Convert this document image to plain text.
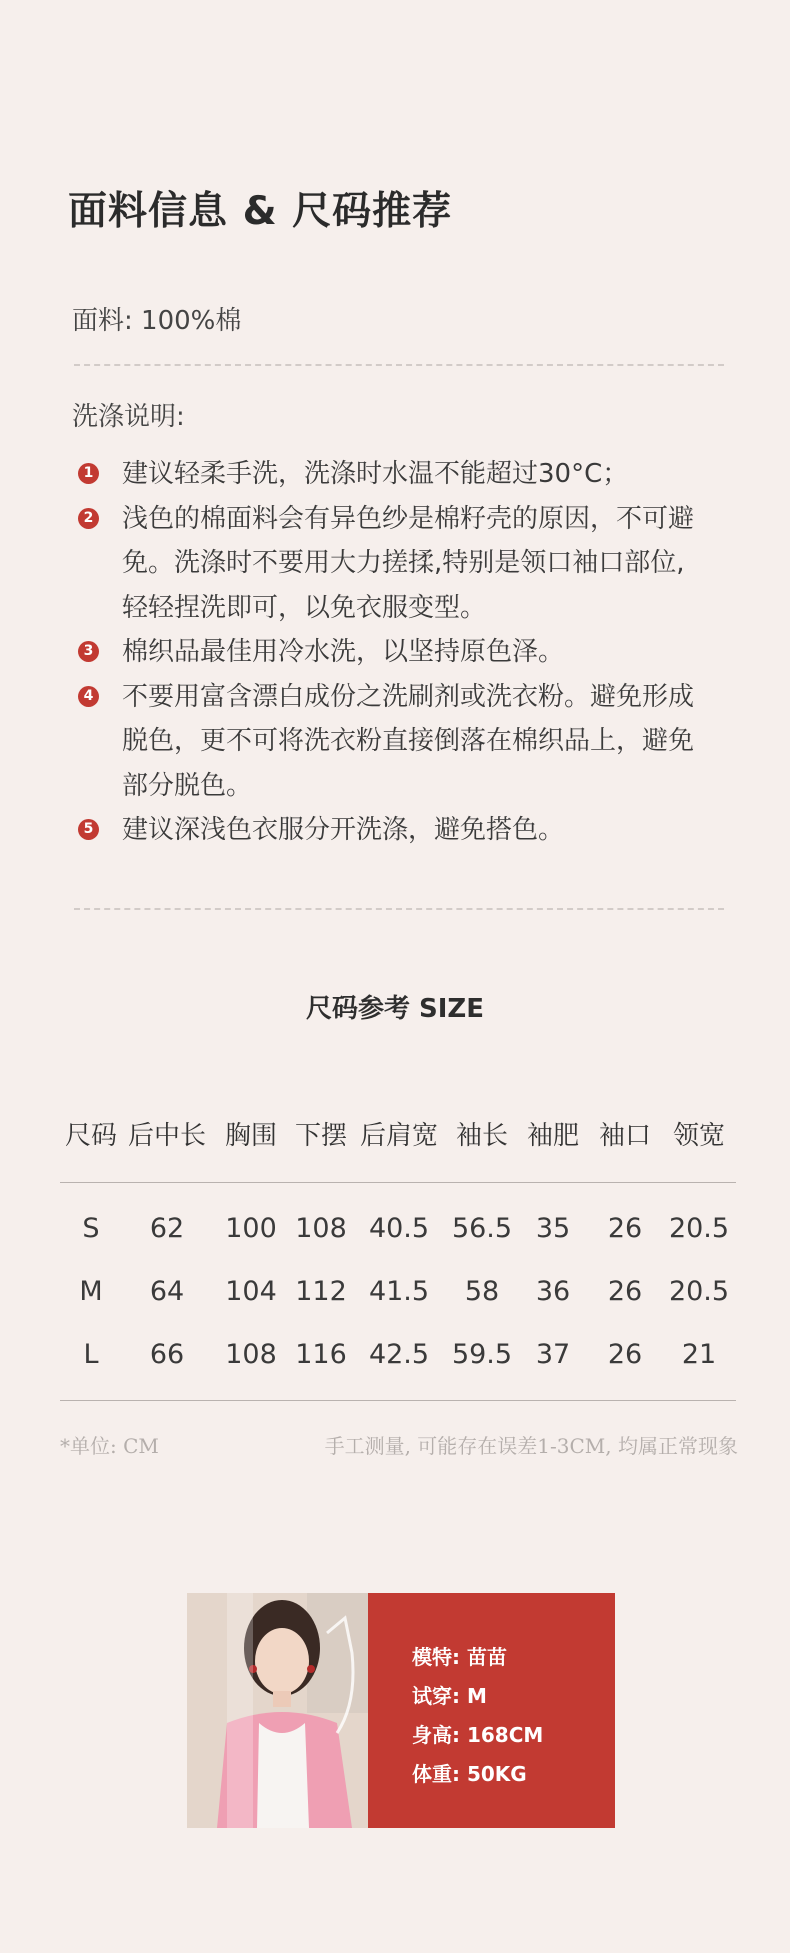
面料信息 & 尺码推荐
面料: 100%棉
洗涤说明:
1 建议轻柔手洗，洗涤时水温不能超过30°C；
2 浅色的棉面料会有异色纱是棉籽壳的原因，不可避
免。洗涤时不要用大力搓揉,特别是领口袖口部位,
轻轻捏洗即可，以免衣服变型。
3 棉织品最佳用冷水洗，以坚持原色泽。
4 不要用富含漂白成份之洗刷剂或洗衣粉。避免形成
脱色，更不可将洗衣粉直接倒落在棉织品上，避免
部分脱色。
5 建议深浅色衣服分开洗涤，避免搭色。
尺码参考 SIZE
尺码 后中长 胸围 下摆 后肩宽 袖长 袖肥 袖口 领宽
S	62	100 108 40.5 56.5 35	26 20.5
M	64	104 112 41.5	58	36	26 20.5
L	66	108 116 42.5 59.5 37	26	21
*单位: CM	手工测量, 可能存在误差1-3CM, 均属正常现象
模特: 苗苗
试穿: M
身高: 168CM
体重: 50KG
